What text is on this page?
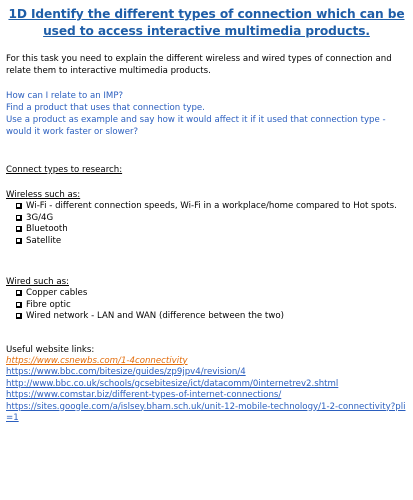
1D Identify the different types of connection which can be used to access interactive multimedia products.

For this task you need to explain the different wireless and wired types of connection and relate them to interactive multimedia products.

How can I relate to an IMP?

Find a product that uses that connection type.

Use a product as example and say how it would affect it if it used that connection type - would it work faster or slower?

Connect types to research:

Wireless such as:

Wi-Fi - different connection speeds, Wi-Fi in a workplace/home compared to Hot spots.
3G/4G
Bluetooth
Satellite

Wired such as:

Copper cables
Fibre optic
Wired network - LAN and WAN (difference between the two)

Useful website links:

https://www.csnewbs.com/1-4connectivity
https://www.bbc.com/bitesize/guides/zp9jpv4/revision/4
http://www.bbc.co.uk/schools/gcsebitesize/ict/datacomm/0internetrev2.shtml
https://www.comstar.biz/different-types-of-internet-connections/
https://sites.google.com/a/islsey.bham.sch.uk/unit-12-mobile-technology/1-2-connectivity?pli=1
